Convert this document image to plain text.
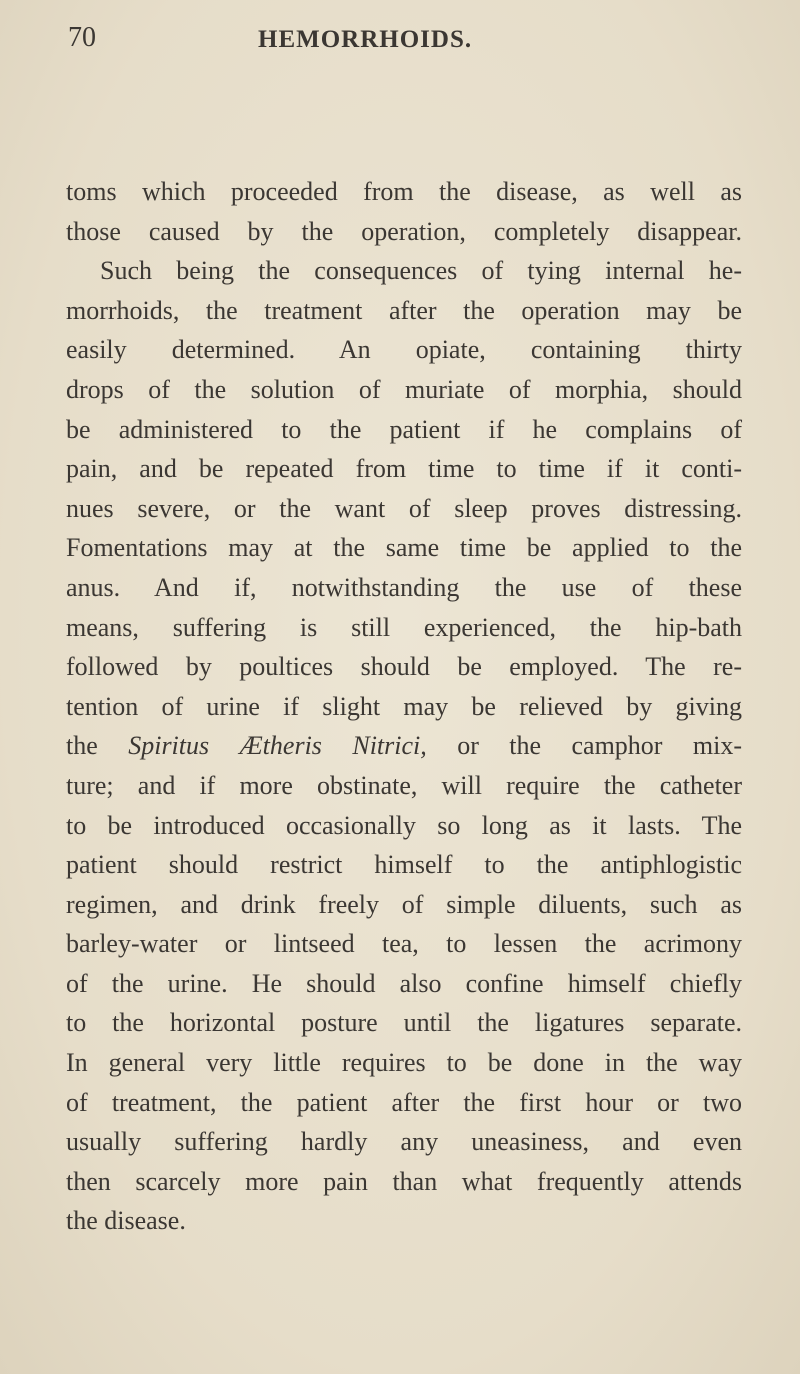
70	HEMORRHOIDS.
toms which proceeded from the disease, as well as
those caused by the operation, completely disappear.
Such being the consequences of tying internal he-
morrhoids, the treatment after the operation may be
easily determined. An opiate, containing thirty
drops of the solution of muriate of morphia, should
be administered to the patient if he complains of
pain, and be repeated from time to time if it conti-
nues severe, or the want of sleep proves distressing.
Fomentations may at the same time be applied to the
anus. And if, notwithstanding the use of these
means, suffering is still experienced, the hip-bath
followed by poultices should be employed. The re-
tention of urine if slight may be relieved by giving
the Spiritus Ætheris Nitrici, or the camphor mix-
ture; and if more obstinate, will require the catheter
to be introduced occasionally so long as it lasts. The
patient should restrict himself to the antiphlogistic
regimen, and drink freely of simple diluents, such as
barley-water or lintseed tea, to lessen the acrimony
of the urine. He should also confine himself chiefly
to the horizontal posture until the ligatures separate.
In general very little requires to be done in the way
of treatment, the patient after the first hour or two
usually suffering hardly any uneasiness, and even
then scarcely more pain than what frequently attends
the disease.
